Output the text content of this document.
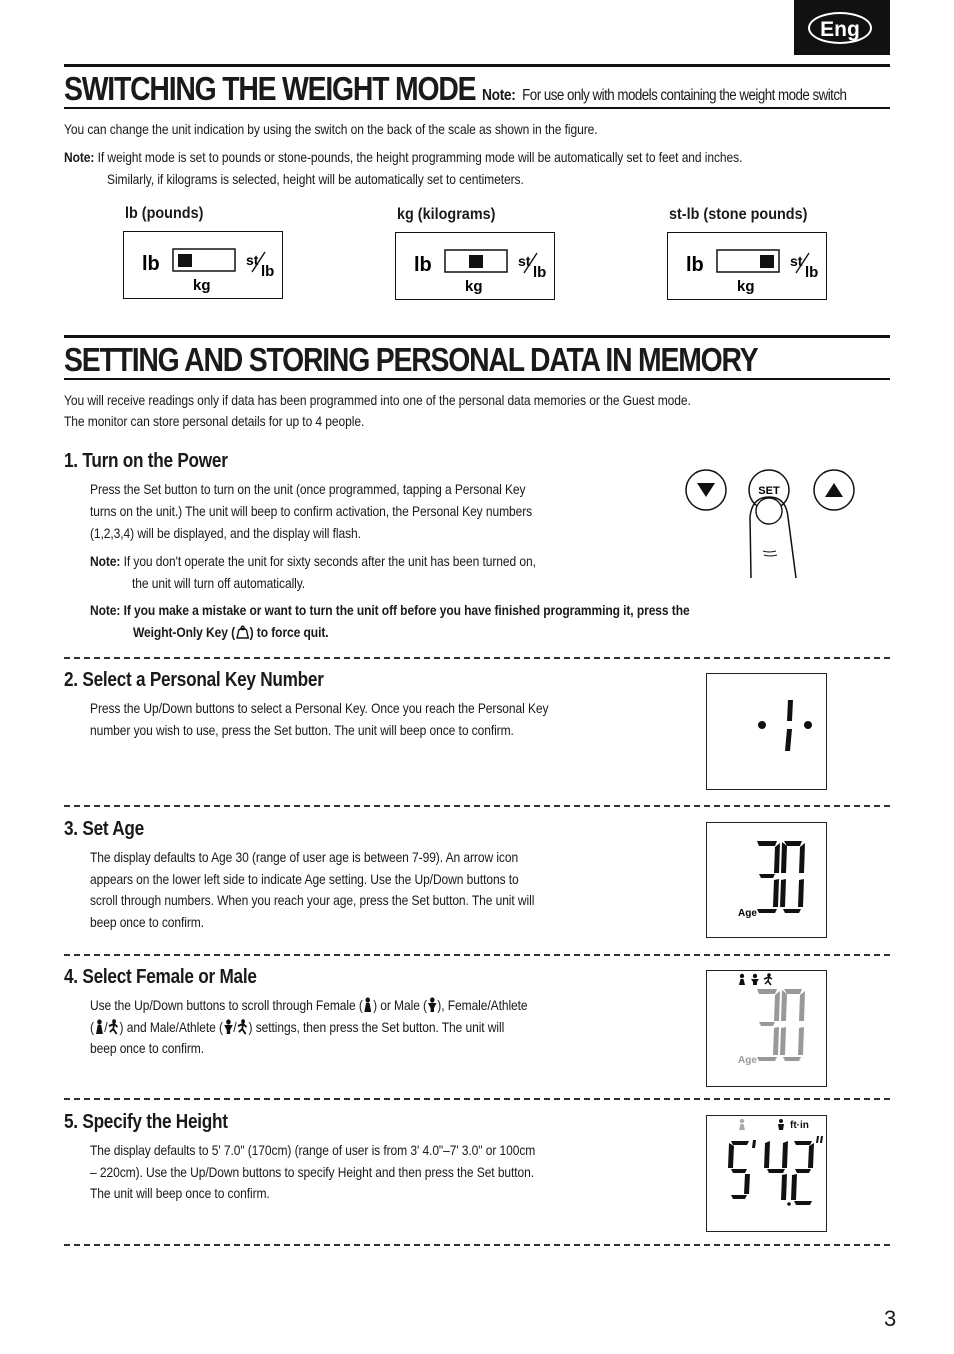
Eng
SWITCHING THE WEIGHT MODE Note: For use only with models containing the weight mode switch
You can change the unit indication by using the switch on the back of the scale as shown in the figure.
Note: If weight mode is set to pounds or stone-pounds, the height programming mode will be automatically set to feet and inches.
Similarly, if kilograms is selected, height will be automatically set to centimeters.
lb (pounds)
lb
kg
st
lb
kg (kilograms)
lb
kg
st
lb
st-lb (stone pounds)
lb
kg
st
lb
SETTING AND STORING PERSONAL DATA IN MEMORY
You will receive readings only if data has been programmed into one of the personal data memories or the Guest mode.
The monitor can store personal details for up to 4 people.
1. Turn on the Power
Press the Set button to turn on the unit (once programmed, tapping a Personal Key
turns on the unit.) The unit will beep to confirm activation, the Personal Key numbers
(1,2,3,4) will be displayed, and the display will flash.
Note: If you don't operate the unit for sixty seconds after the unit has been turned on,
the unit will turn off automatically.
Note: If you make a mistake or want to turn the unit off before you have finished programming it, press the
Weight-Only Key ( ) to force quit.
SET
2. Select a Personal Key Number
Press the Up/Down buttons to select a Personal Key. Once you reach the Personal Key
number you wish to use, press the Set button. The unit will beep once to confirm.
3. Set Age
The display defaults to Age 30 (range of user age is between 7-99). An arrow icon
appears on the lower left side to indicate Age setting. Use the Up/Down buttons to
scroll through numbers. When you reach your age, press the Set button. The unit will
beep once to confirm.
Age
4. Select Female or Male
Use the Up/Down buttons to scroll through Female ( ) or Male ( ), Female/Athlete
( / ) and Male/Athlete ( / ) settings, then press the Set button. The unit will
beep once to confirm.
Age
5. Specify the Height
The display defaults to 5' 7.0" (170cm) (range of user is from 3' 4.0"–7' 3.0" or 100cm
– 220cm). Use the Up/Down buttons to specify Height and then press the Set button.
The unit will beep once to confirm.
ft·in
3
